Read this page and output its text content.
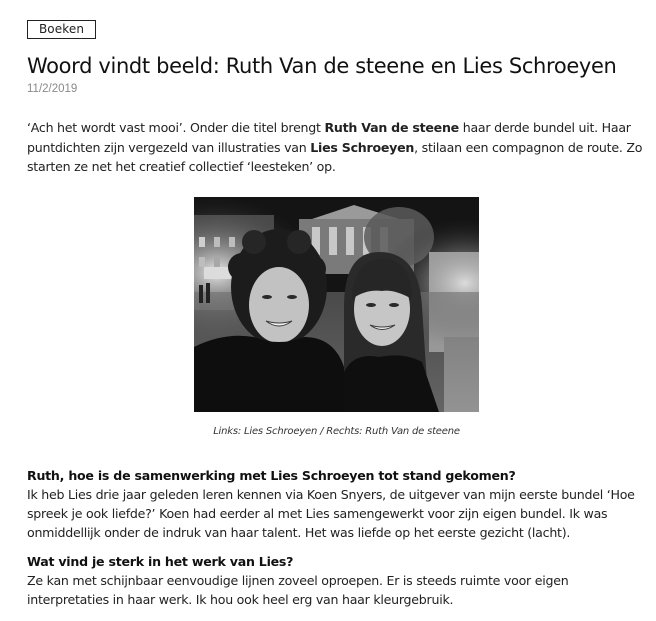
Boeken
Woord vindt beeld: Ruth Van de steene en Lies Schroeyen
11/2/2019

‘Ach het wordt vast mooi’. Onder die titel brengt Ruth Van de steene haar derde bundel uit. Haar puntdichten zijn vergezeld van illustraties van Lies Schroeyen, stilaan een compagnon de route. Zo starten ze net het creatief collectief ‘leesteken’ op.

Links: Lies Schroeyen / Rechts: Ruth Van de steene

Ruth, hoe is de samenwerking met Lies Schroeyen tot stand gekomen?

Ik heb Lies drie jaar geleden leren kennen via Koen Snyers, de uitgever van mijn eerste bundel ‘Hoe spreek je ook liefde?’ Koen had eerder al met Lies samengewerkt voor zijn eigen bundel. Ik was onmiddellijk onder de indruk van haar talent. Het was liefde op het eerste gezicht (lacht).

Wat vind je sterk in het werk van Lies?

Ze kan met schijnbaar eenvoudige lijnen zoveel oproepen. Er is steeds ruimte voor eigen interpretaties in haar werk. Ik hou ook heel erg van haar kleurgebruik.
